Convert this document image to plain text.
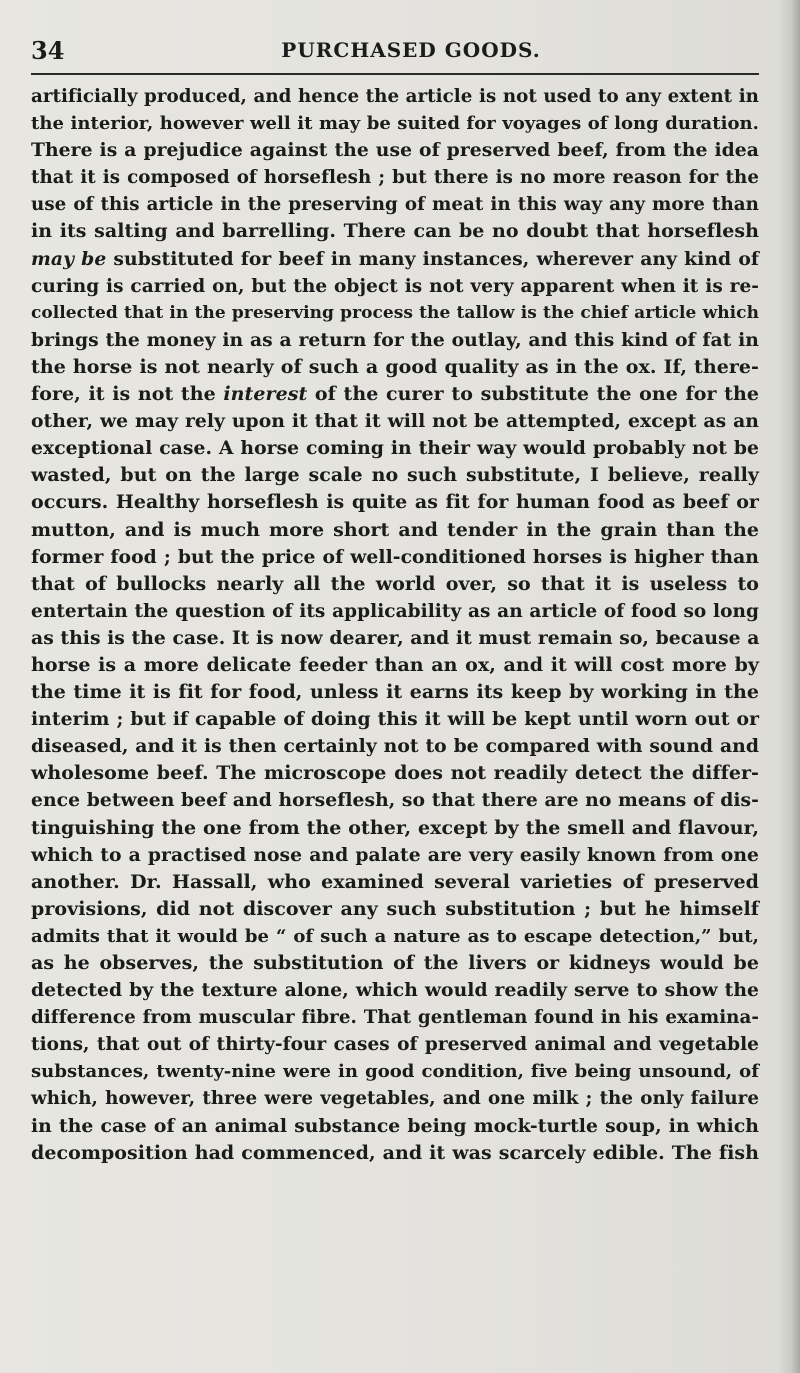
34	PURCHASED GOODS.
artificially produced, and hence the article is not used to any extent in
the interior, however well it may be suited for voyages of long duration.
There is a prejudice against the use of preserved beef, from the idea
that it is composed of horseflesh ; but there is no more reason for the
use of this article in the preserving of meat in this way any more than
in its salting and barrelling. There can be no doubt that horseflesh
may be substituted for beef in many instances, wherever any kind of
curing is carried on, but the object is not very apparent when it is re-
collected that in the preserving process the tallow is the chief article which
brings the money in as a return for the outlay, and this kind of fat in
the horse is not nearly of such a good quality as in the ox. If, there-
fore, it is not the interest of the curer to substitute the one for the
other, we may rely upon it that it will not be attempted, except as an
exceptional case. A horse coming in their way would probably not be
wasted, but on the large scale no such substitute, I believe, really
occurs. Healthy horseflesh is quite as fit for human food as beef or
mutton, and is much more short and tender in the grain than the
former food ; but the price of well-conditioned horses is higher than
that of bullocks nearly all the world over, so that it is useless to
entertain the question of its applicability as an article of food so long
as this is the case. It is now dearer, and it must remain so, because a
horse is a more delicate feeder than an ox, and it will cost more by
the time it is fit for food, unless it earns its keep by working in the
interim ; but if capable of doing this it will be kept until worn out or
diseased, and it is then certainly not to be compared with sound and
wholesome beef. The microscope does not readily detect the differ-
ence between beef and horseflesh, so that there are no means of dis-
tinguishing the one from the other, except by the smell and flavour,
which to a practised nose and palate are very easily known from one
another. Dr. Hassall, who examined several varieties of preserved
provisions, did not discover any such substitution ; but he himself
admits that it would be “ of such a nature as to escape detection,” but,
as he observes, the substitution of the livers or kidneys would be
detected by the texture alone, which would readily serve to show the
difference from muscular fibre. That gentleman found in his examina-
tions, that out of thirty-four cases of preserved animal and vegetable
substances, twenty-nine were in good condition, five being unsound, of
which, however, three were vegetables, and one milk ; the only failure
in the case of an animal substance being mock-turtle soup, in which
decomposition had commenced, and it was scarcely edible. The fish
